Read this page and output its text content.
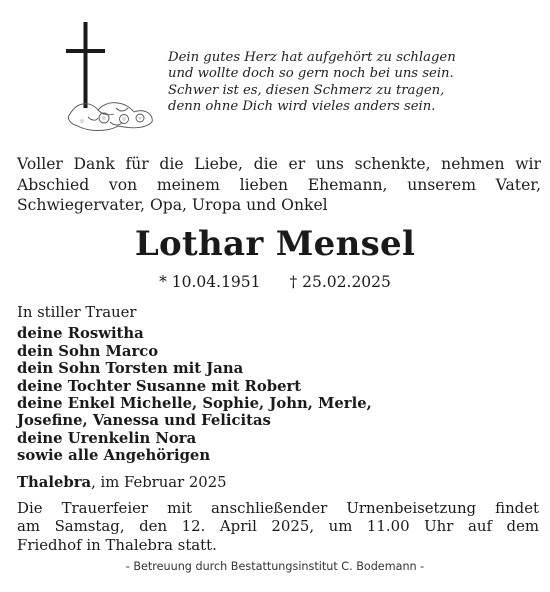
Dein gutes Herz hat aufgehört zu schlagen
und wollte doch so gern noch bei uns sein.
Schwer ist es, diesen Schmerz zu tragen,
denn ohne Dich wird vieles anders sein.
Voller Dank für die Liebe, die er uns schenkte, nehmen wir
Abschied von meinem lieben Ehemann, unserem Vater,
Schwiegervater, Opa, Uropa und Onkel
Lothar Mensel
* 10.04.1951 † 25.02.2025
In stiller Trauer
deine Roswitha
dein Sohn Marco
dein Sohn Torsten mit Jana
deine Tochter Susanne mit Robert
deine Enkel Michelle, Sophie, John, Merle,
Josefine, Vanessa und Felicitas
deine Urenkelin Nora
sowie alle Angehörigen
Thalebra, im Februar 2025
Die Trauerfeier mit anschließender Urnenbeisetzung findet
am Samstag, den 12. April 2025, um 11.00 Uhr auf dem
Friedhof in Thalebra statt.
- Betreuung durch Bestattungsinstitut C. Bodemann -
